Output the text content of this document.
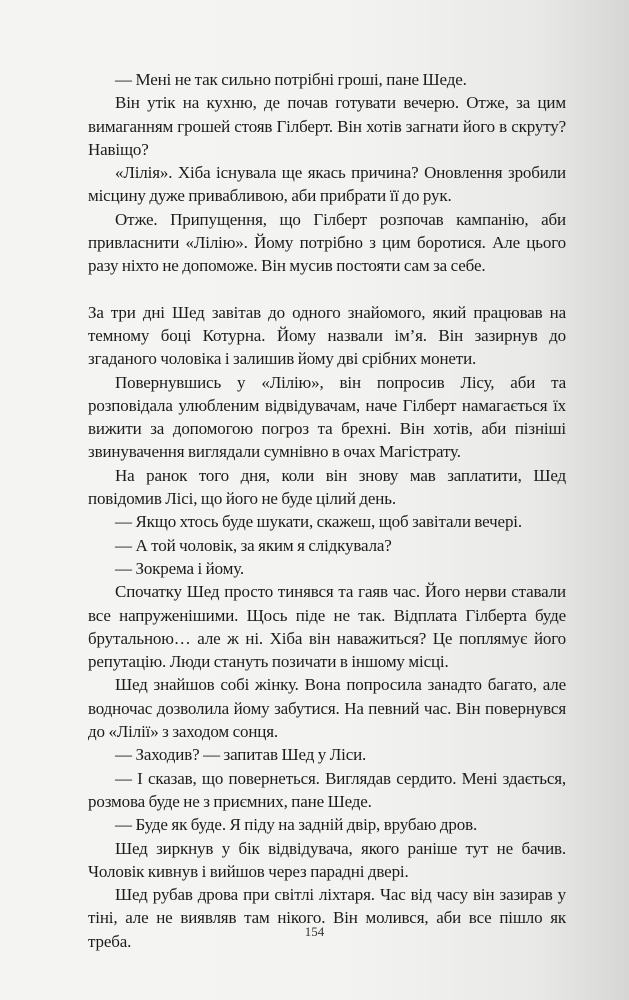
— Мені не так сильно потрібні гроші, пане Шеде.

Він утік на кухню, де почав готувати вечерю. Отже, за цим вимаганням грошей стояв Гілберт. Він хотів загнати його в скруту? Навіщо?

«Лілія». Хіба існувала ще якась причина? Оновлення зробили місцину дуже привабливою, аби прибрати її до рук.

Отже. Припущення, що Гілберт розпочав кампанію, аби привласнити «Лілію». Йому потрібно з цим боротися. Але цього разу ніхто не допоможе. Він мусив постояти сам за себе.

За три дні Шед завітав до одного знайомого, який працював на темному боці Котурна. Йому назвали ім’я. Він зазирнув до згаданого чоловіка і залишив йому дві срібних монети.

Повернувшись у «Лілію», він попросив Лісу, аби та розповідала улюбленим відвідувачам, наче Гілберт намагається їх вижити за допомогою погроз та брехні. Він хотів, аби пізніші звинувачення виглядали сумнівно в очах Магістрату.

На ранок того дня, коли він знову мав заплатити, Шед повідомив Лісі, що його не буде цілий день.

— Якщо хтось буде шукати, скажеш, щоб завітали вечері.

— А той чоловік, за яким я слідкувала?

— Зокрема і йому.

Спочатку Шед просто тинявся та гаяв час. Його нерви ставали все напруженішими. Щось піде не так. Відплата Гілберта буде брутальною… але ж ні. Хіба він наважиться? Це поплямує його репутацію. Люди стануть позичати в іншому місці.

Шед знайшов собі жінку. Вона попросила занадто багато, але водночас дозволила йому забутися. На певний час. Він повернувся до «Лілії» з заходом сонця.

— Заходив? — запитав Шед у Ліси.

— І сказав, що повернеться. Виглядав сердито. Мені здається, розмова буде не з приємних, пане Шеде.

— Буде як буде. Я піду на задній двір, врубаю дров.

Шед зиркнув у бік відвідувача, якого раніше тут не бачив. Чоловік кивнув і вийшов через парадні двері.

Шед рубав дрова при світлі ліхтаря. Час від часу він зазирав у тіні, але не виявляв там нікого. Він молився, аби все пішло як треба.

154
